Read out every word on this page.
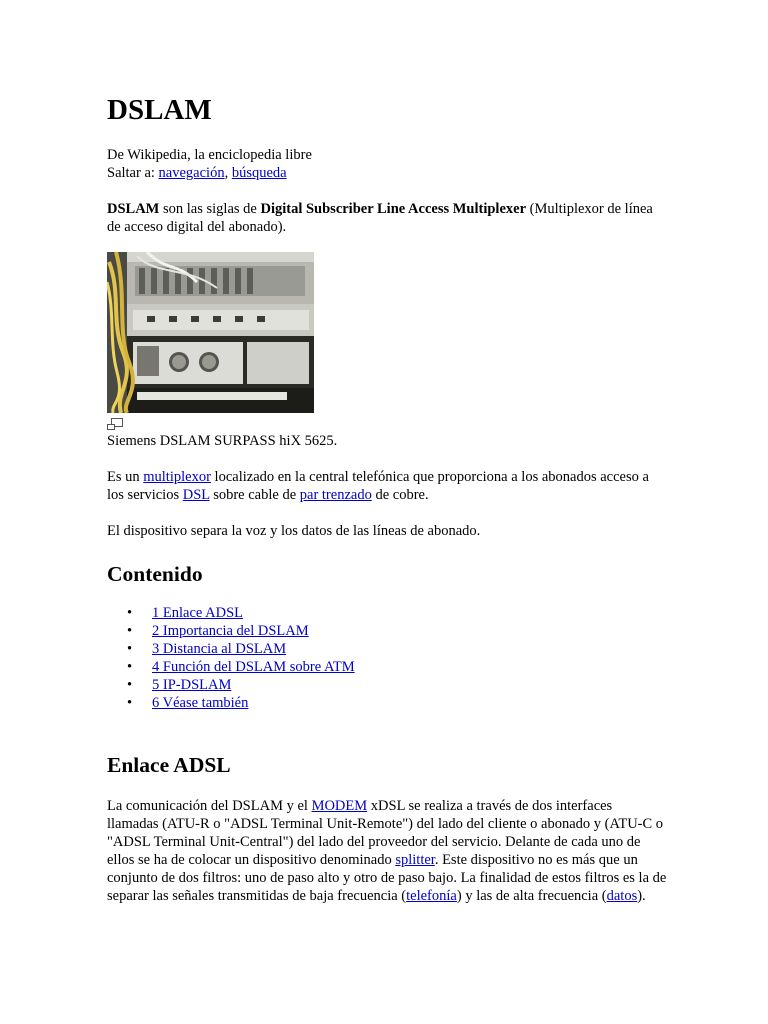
DSLAM

De Wikipedia, la enciclopedia libre
Saltar a: navegación, búsqueda

DSLAM son las siglas de Digital Subscriber Line Access Multiplexer (Multiplexor de línea de acceso digital del abonado).

Siemens DSLAM SURPASS hiX 5625.

Es un multiplexor localizado en la central telefónica que proporciona a los abonados acceso a los servicios DSL sobre cable de par trenzado de cobre.

El dispositivo separa la voz y los datos de las líneas de abonado.

Contenido
• 1 Enlace ADSL
• 2 Importancia del DSLAM
• 3 Distancia al DSLAM
• 4 Función del DSLAM sobre ATM
• 5 IP-DSLAM
• 6 Véase también
Enlace ADSL

La comunicación del DSLAM y el MODEM xDSL se realiza a través de dos interfaces llamadas (ATU-R o "ADSL Terminal Unit-Remote") del lado del cliente o abonado y (ATU-C o "ADSL Terminal Unit-Central") del lado del proveedor del servicio. Delante de cada uno de ellos se ha de colocar un dispositivo denominado splitter. Este dispositivo no es más que un conjunto de dos filtros: uno de paso alto y otro de paso bajo. La finalidad de estos filtros es la de separar las señales transmitidas de baja frecuencia (telefonía) y las de alta frecuencia (datos).
